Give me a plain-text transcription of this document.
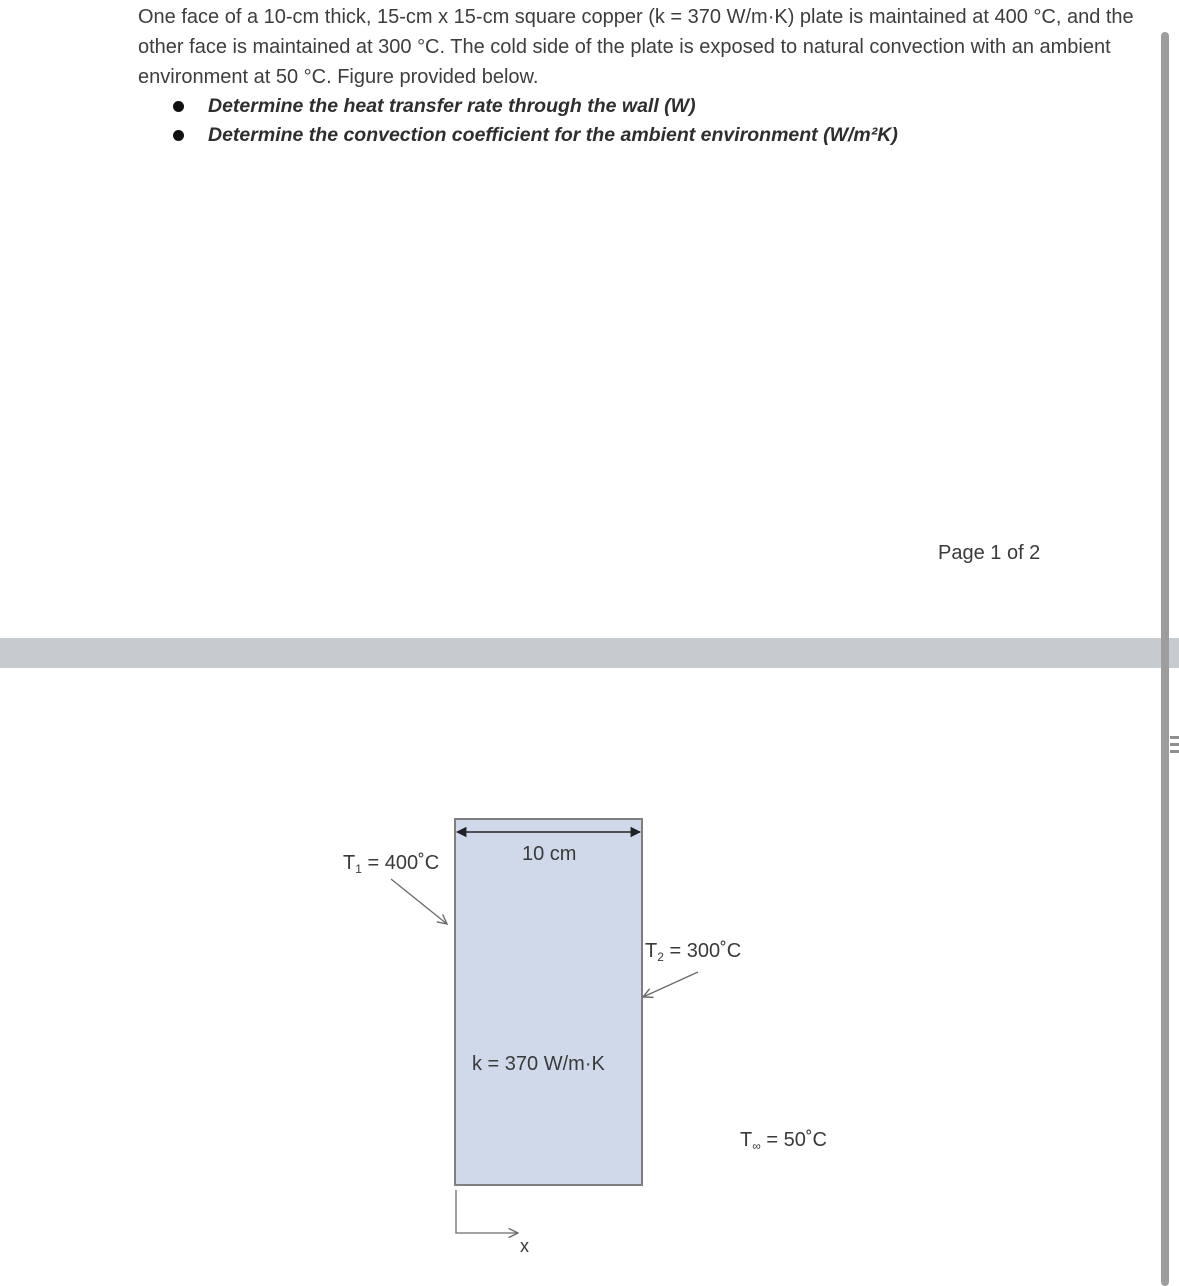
One face of a 10-cm thick, 15-cm x 15-cm square copper (k = 370 W/m·K) plate is maintained at 400 °C, and the other face is maintained at 300 °C. The cold side of the plate is exposed to natural convection with an ambient environment at 50 °C. Figure provided below.

Determine the heat transfer rate through the wall (W)
Determine the convection coefficient for the ambient environment (W/m²K)
Page 1 of 2
10 cm
$T_1$ = 400˚C
$T_2$ = 300˚C
k = 370 W/m·K
$T_\infty$ = 50˚C
x
